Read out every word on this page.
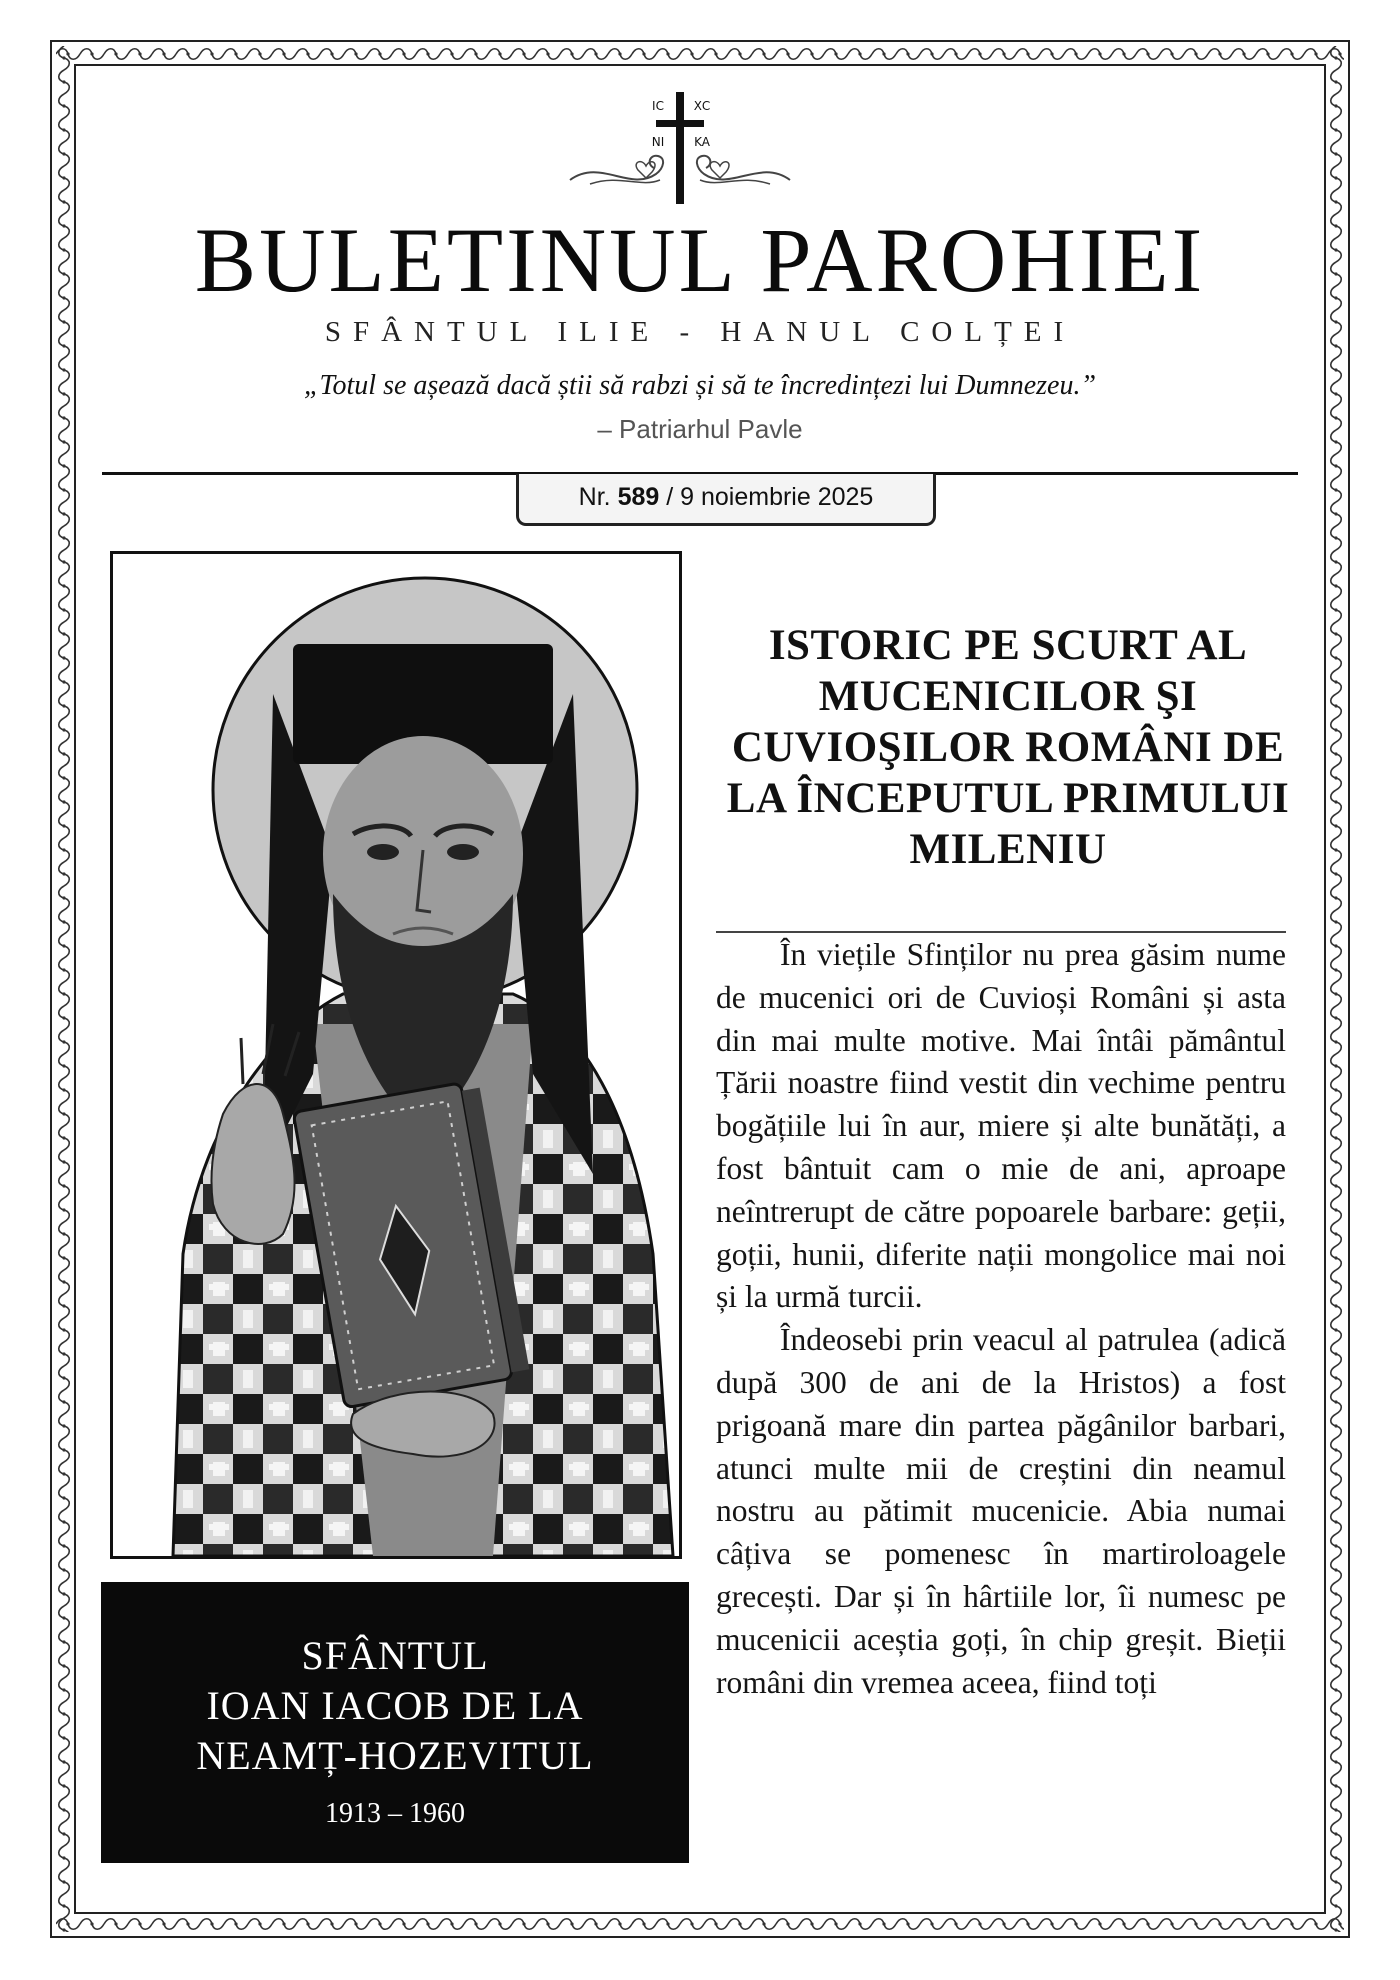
IC ΧC
NI KA
BULETINUL PAROHIEI
SFÂNTUL ILIE - HANUL COLȚEI
„Totul se așează dacă știi să rabzi și să te încredințezi lui Dumnezeu.”
– Patriarhul Pavle
Nr. 589 / 9 noiembrie 2025
SFÂNTUL
IOAN IACOB DE LA
NEAMȚ-HOZEVITUL
1913 – 1960
ISTORIC PE SCURT AL MUCENICILOR ŞI CUVIOŞILOR ROMÂNI DE LA ÎNCEPUTUL PRIMULUI MILENIU

În viețile Sfinților nu prea găsim nume de mucenici ori de Cuvioși Români și asta din mai multe motive. Mai întâi pământul Țării noastre fiind vestit din vechime pentru bogățiile lui în aur, miere și alte bunătăți, a fost bântuit cam o mie de ani, aproape neîntrerupt de către popoarele barbare: geții, goții, hunii, diferite nații mongolice mai noi și la urmă turcii.

Îndeosebi prin veacul al patrulea (adică după 300 de ani de la Hristos) a fost prigoană mare din partea păgânilor barbari, atunci multe mii de creștini din neamul nostru au pătimit mucenicie. Abia numai câțiva se pomenesc în martiroloagele grecești. Dar și în hârtiile lor, îi numesc pe mucenicii aceștia goți, în chip greșit. Bieții români din vremea aceea, fiind toți
